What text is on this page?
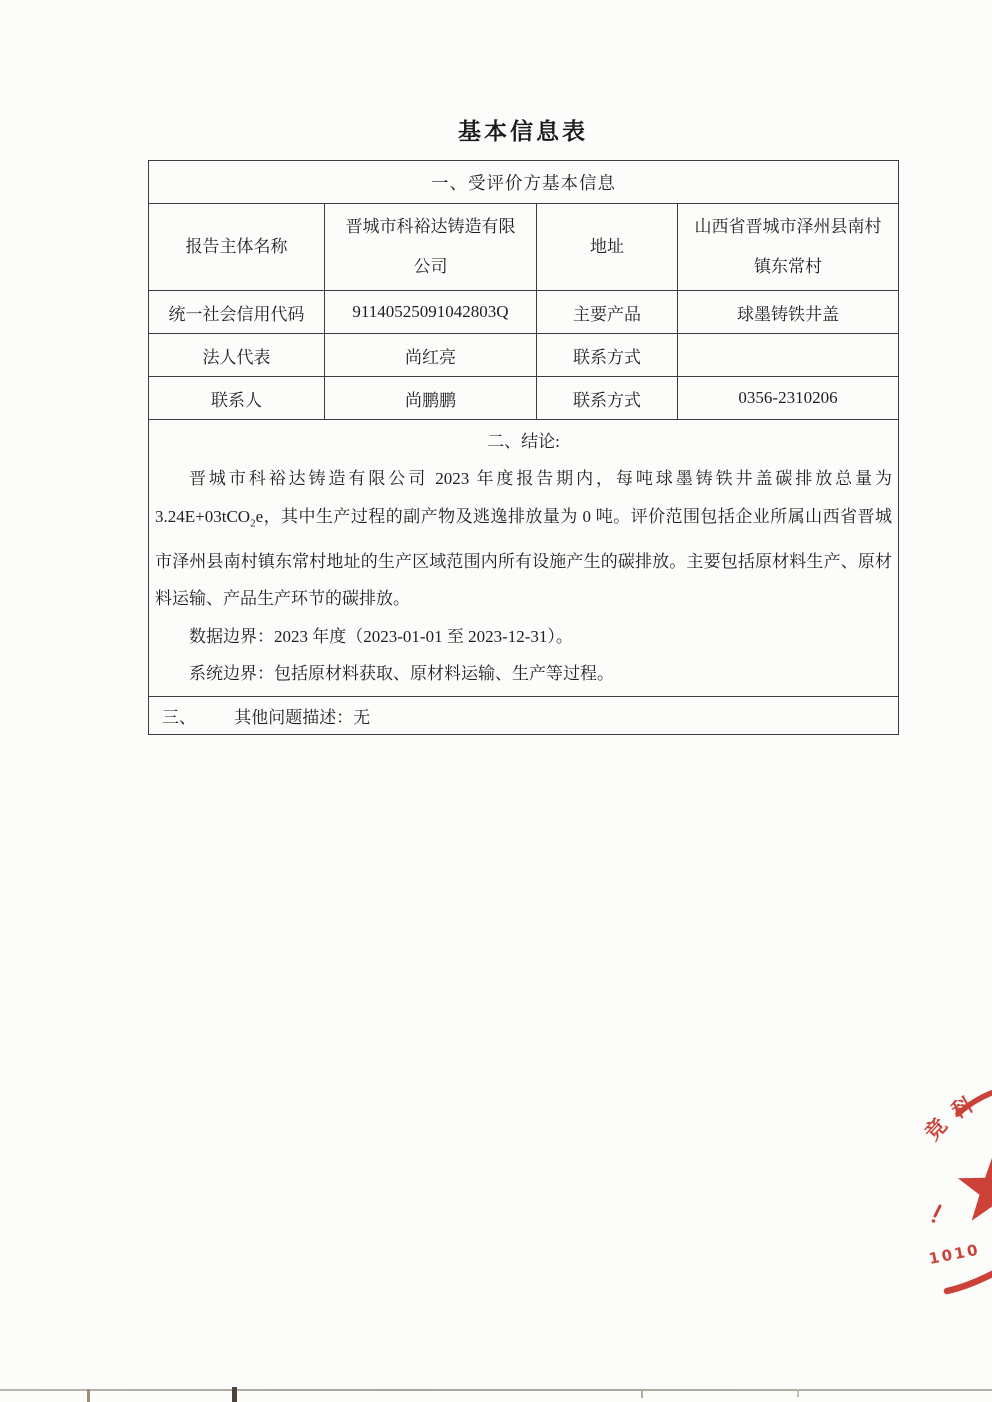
基本信息表
一、受评价方基本信息			
报告主体名称	晋城市科裕达铸造有限公司	地址	山西省晋城市泽州县南村镇东常村
统一社会信用代码	91140525091042803Q	主要产品	球墨铸铁井盖
法人代表	尚红亮	联系方式	
联系人	尚鹏鹏	联系方式	0356-2310206

二、结论:

晋城市科裕达铸造有限公司 2023 年度报告期内，每吨球墨铸铁井盖碳排放总量为 3.24E+03tCO$_2$e，其中生产过程的副产物及逃逸排放量为 0 吨。评价范围包括企业所属山西省晋城市泽州县南村镇东常村地址的生产区域范围内所有设施产生的碳排放。主要包括原材料生产、原材料运输、产品生产环节的碳排放。

数据边界：2023 年度（2023-01-01 至 2023-12-31）。

系统边界：包括原材料获取、原材料运输、生产等过程。			

三、 其他问题描述：无			
竞
科
1010
